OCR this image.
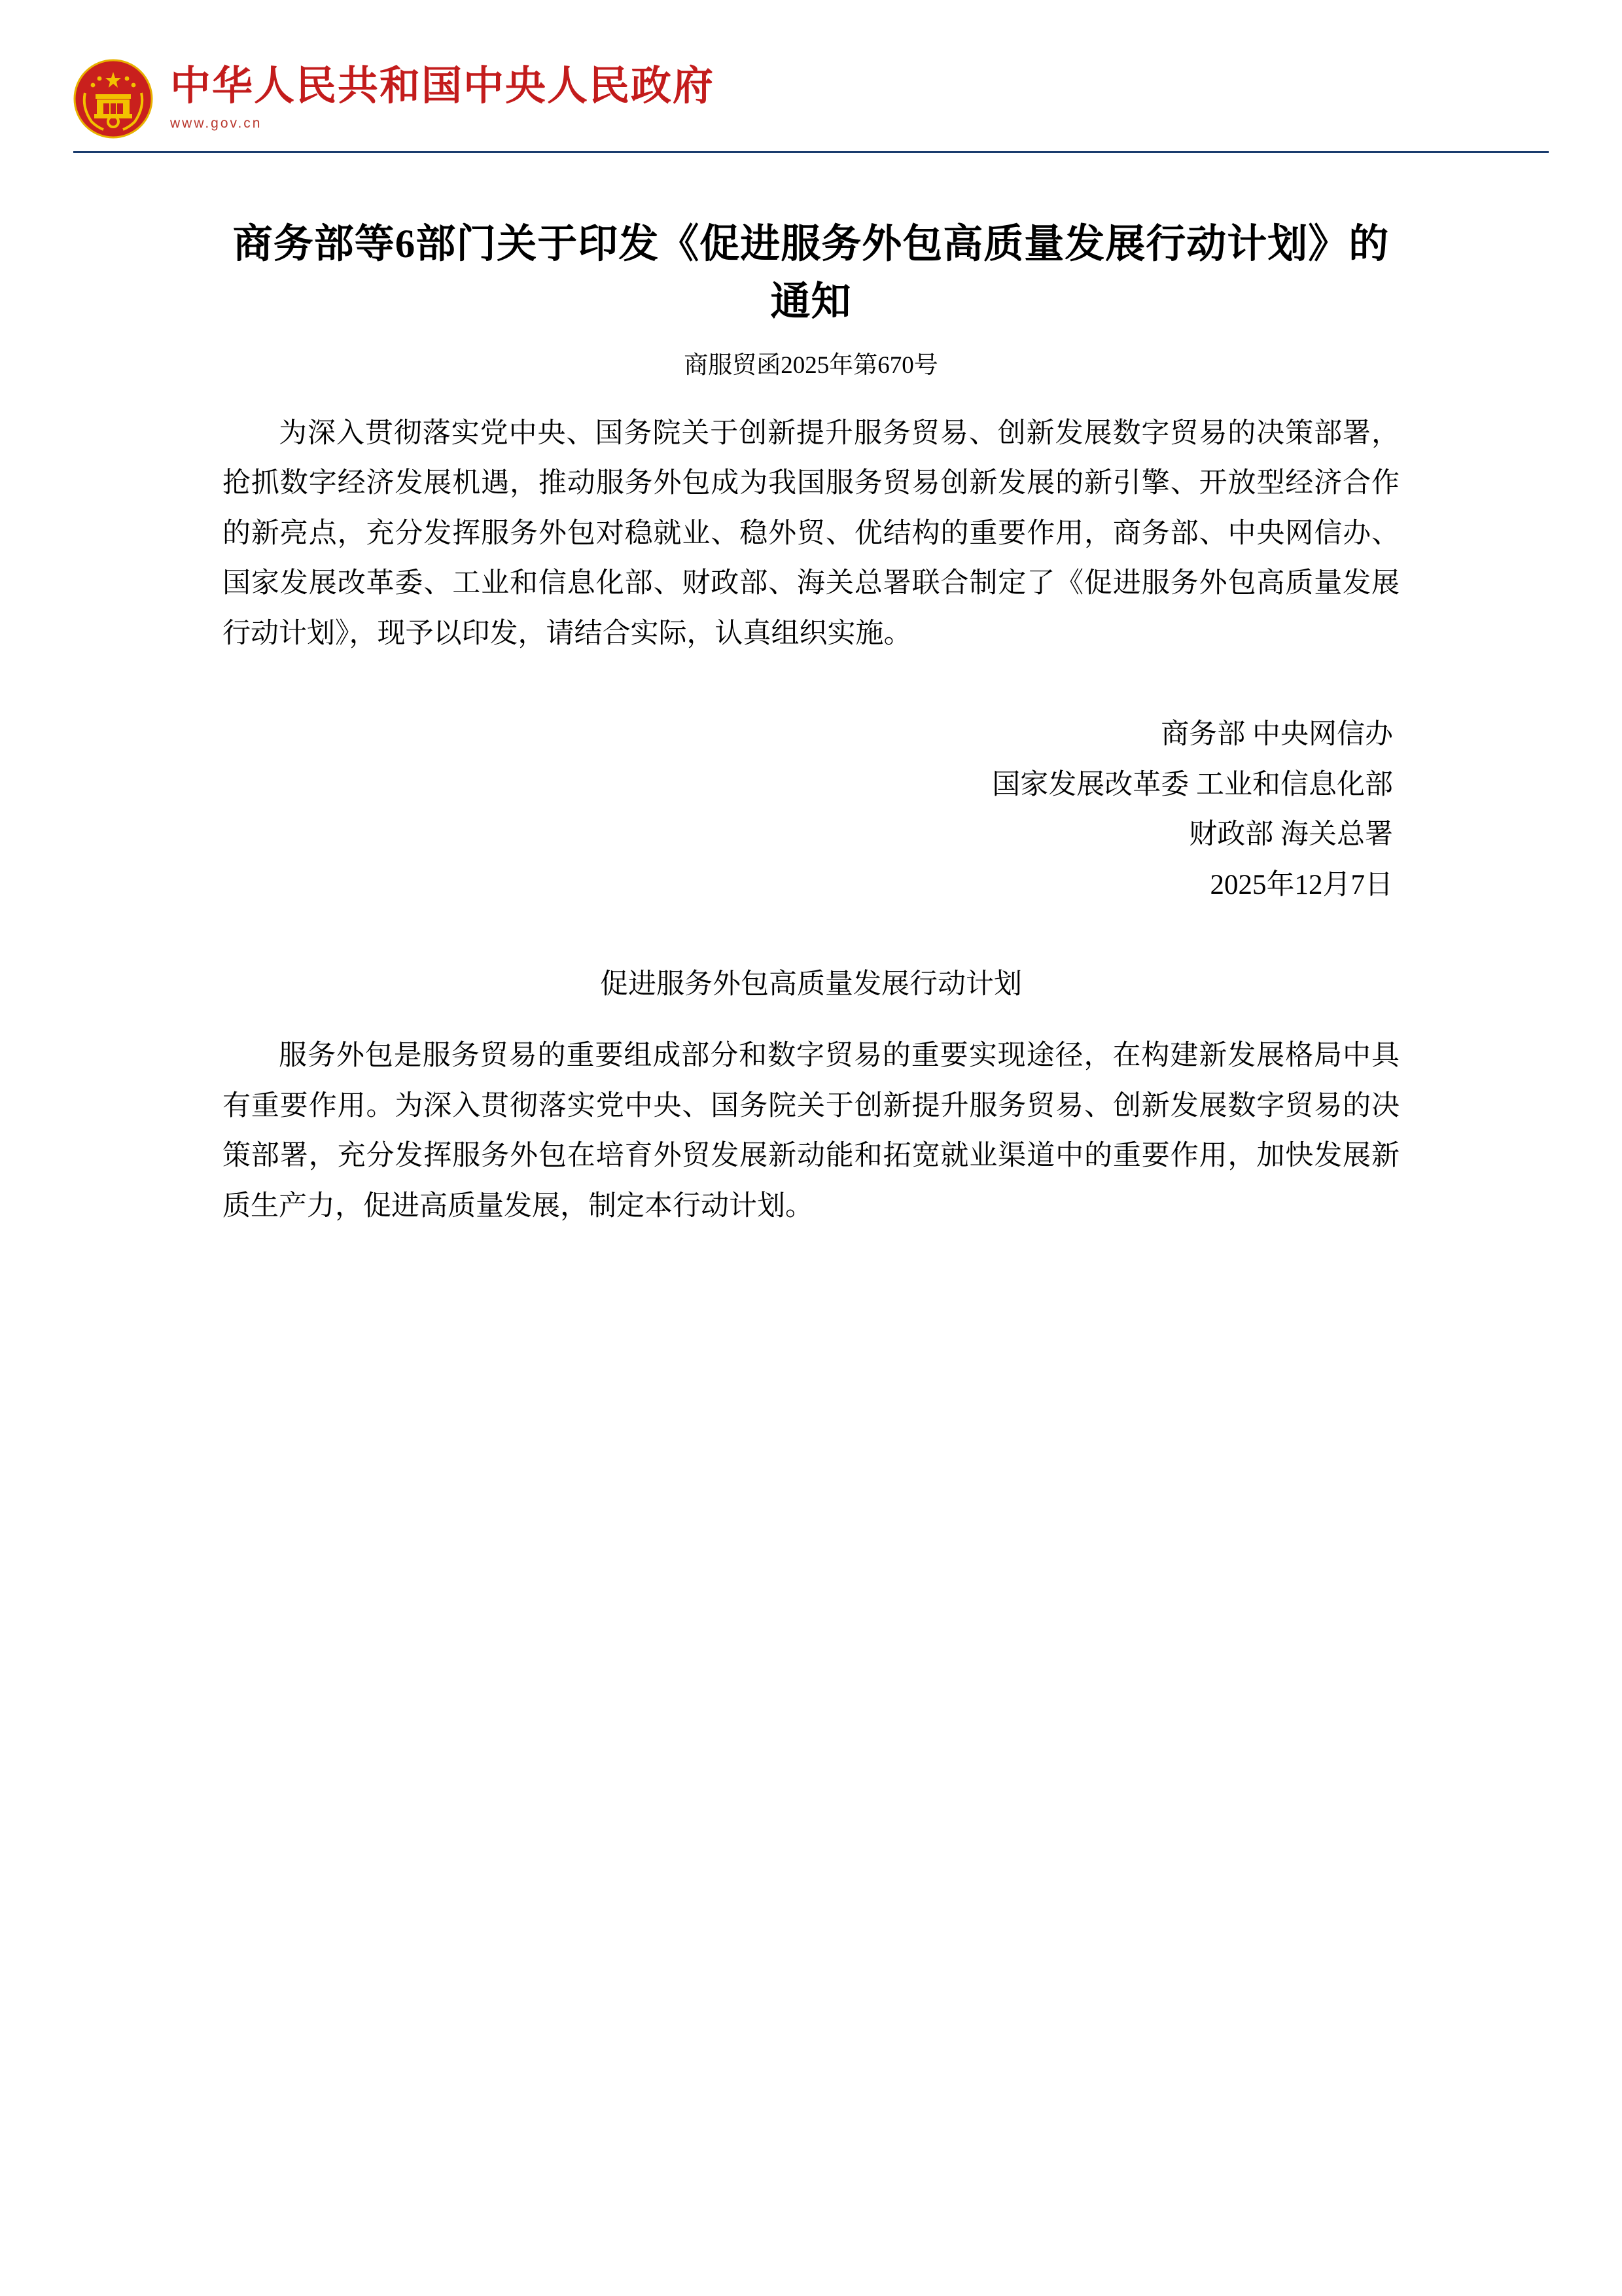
中华人民共和国中央人民政府
www.gov.cn
商务部等6部门关于印发《促进服务外包高质量发展行动计划》的通知
商服贸函2025年第670号

为深入贯彻落实党中央、国务院关于创新提升服务贸易、创新发展数字贸易的决策部署，抢抓数字经济发展机遇，推动服务外包成为我国服务贸易创新发展的新引擎、开放型经济合作的新亮点，充分发挥服务外包对稳就业、稳外贸、优结构的重要作用，商务部、中央网信办、国家发展改革委、工业和信息化部、财政部、海关总署联合制定了《促进服务外包高质量发展行动计划》，现予以印发，请结合实际，认真组织实施。

商务部 中央网信办
国家发展改革委 工业和信息化部
财政部 海关总署
2025年12月7日
促进服务外包高质量发展行动计划

服务外包是服务贸易的重要组成部分和数字贸易的重要实现途径，在构建新发展格局中具有重要作用。为深入贯彻落实党中央、国务院关于创新提升服务贸易、创新发展数字贸易的决策部署，充分发挥服务外包在培育外贸发展新动能和拓宽就业渠道中的重要作用，加快发展新质生产力，促进高质量发展，制定本行动计划。
